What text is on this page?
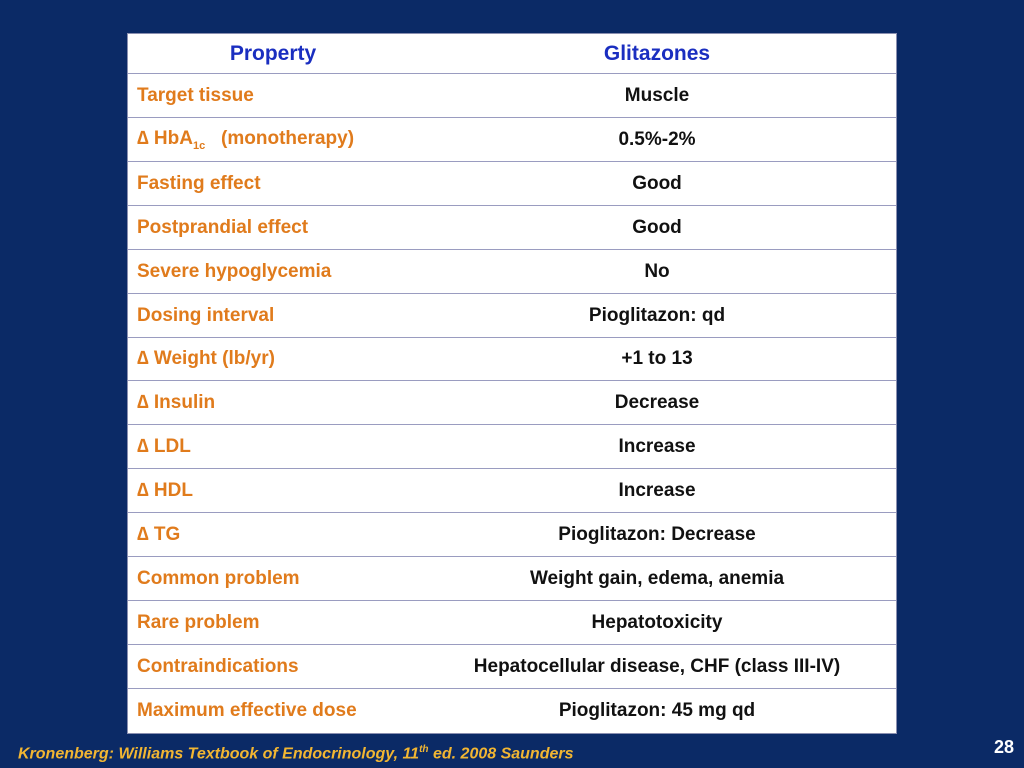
Property	Glitazones
Target tissue	Muscle
∆ HbA$_{1c}$ (monotherapy)	0.5%-2%
Fasting effect	Good
Postprandial effect	Good
Severe hypoglycemia	No
Dosing interval	Pioglitazon: qd
∆ Weight (lb/yr)	+1 to 13
∆ Insulin	Decrease
∆ LDL	Increase
∆ HDL	Increase
∆ TG	Pioglitazon: Decrease
Common problem	Weight gain, edema, anemia
Rare problem	Hepatotoxicity
Contraindications	Hepatocellular disease, CHF (class III-IV)
Maximum effective dose	Pioglitazon: 45 mg qd
Kronenberg: Williams Textbook of Endocrinology, 11th ed. 2008 Saunders	28
